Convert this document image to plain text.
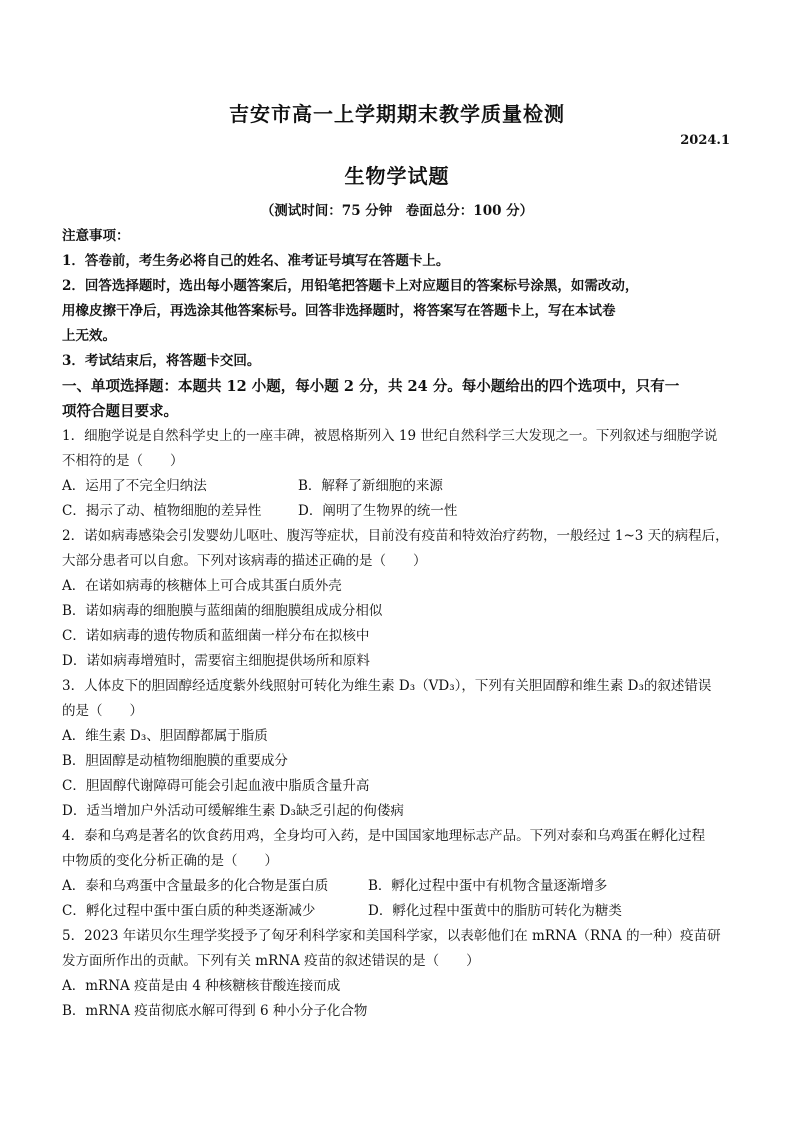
吉安市高一上学期期末教学质量检测
2024.1
生物学试题
（测试时间：75 分钟　卷面总分：100 分）
注意事项：
1．答卷前，考生务必将自己的姓名、准考证号填写在答题卡上。
2．回答选择题时，选出每小题答案后，用铅笔把答题卡上对应题目的答案标号涂黑，如需改动，
用橡皮擦干净后，再选涂其他答案标号。回答非选择题时，将答案写在答题卡上，写在本试卷
上无效。
3．考试结束后，将答题卡交回。
一、单项选择题：本题共 12 小题，每小题 2 分，共 24 分。每小题给出的四个选项中，只有一
项符合题目要求。
1．细胞学说是自然科学史上的一座丰碑，被恩格斯列入 19 世纪自然科学三大发现之一。下列叙述与细胞学说
不相符的是（　　）
A．运用了不完全归纳法	B．解释了新细胞的来源
C．揭示了动、植物细胞的差异性	D．阐明了生物界的统一性
2．诺如病毒感染会引发婴幼儿呕吐、腹泻等症状，目前没有疫苗和特效治疗药物，一般经过 1~3 天的病程后，
大部分患者可以自愈。下列对该病毒的描述正确的是（　　）
A．在诺如病毒的核糖体上可合成其蛋白质外壳
B．诺如病毒的细胞膜与蓝细菌的细胞膜组成成分相似
C．诺如病毒的遗传物质和蓝细菌一样分布在拟核中
D．诺如病毒增殖时，需要宿主细胞提供场所和原料
3．人体皮下的胆固醇经适度紫外线照射可转化为维生素 D₃（VD₃），下列有关胆固醇和维生素 D₃的叙述错误
的是（　　）
A．维生素 D₃、胆固醇都属于脂质
B．胆固醇是动植物细胞膜的重要成分
C．胆固醇代谢障碍可能会引起血液中脂质含量升高
D．适当增加户外活动可缓解维生素 D₃缺乏引起的佝偻病
4．泰和乌鸡是著名的饮食药用鸡，全身均可入药，是中国国家地理标志产品。下列对泰和乌鸡蛋在孵化过程
中物质的变化分析正确的是（　　）
A．泰和乌鸡蛋中含量最多的化合物是蛋白质	B．孵化过程中蛋中有机物含量逐渐增多
C．孵化过程中蛋中蛋白质的种类逐渐减少	D．孵化过程中蛋黄中的脂肪可转化为糖类
5．2023 年诺贝尔生理学奖授予了匈牙利科学家和美国科学家，以表彰他们在 mRNA（RNA 的一种）疫苗研
发方面所作出的贡献。下列有关 mRNA 疫苗的叙述错误的是（　　）
A．mRNA 疫苗是由 4 种核糖核苷酸连接而成
B．mRNA 疫苗彻底水解可得到 6 种小分子化合物
